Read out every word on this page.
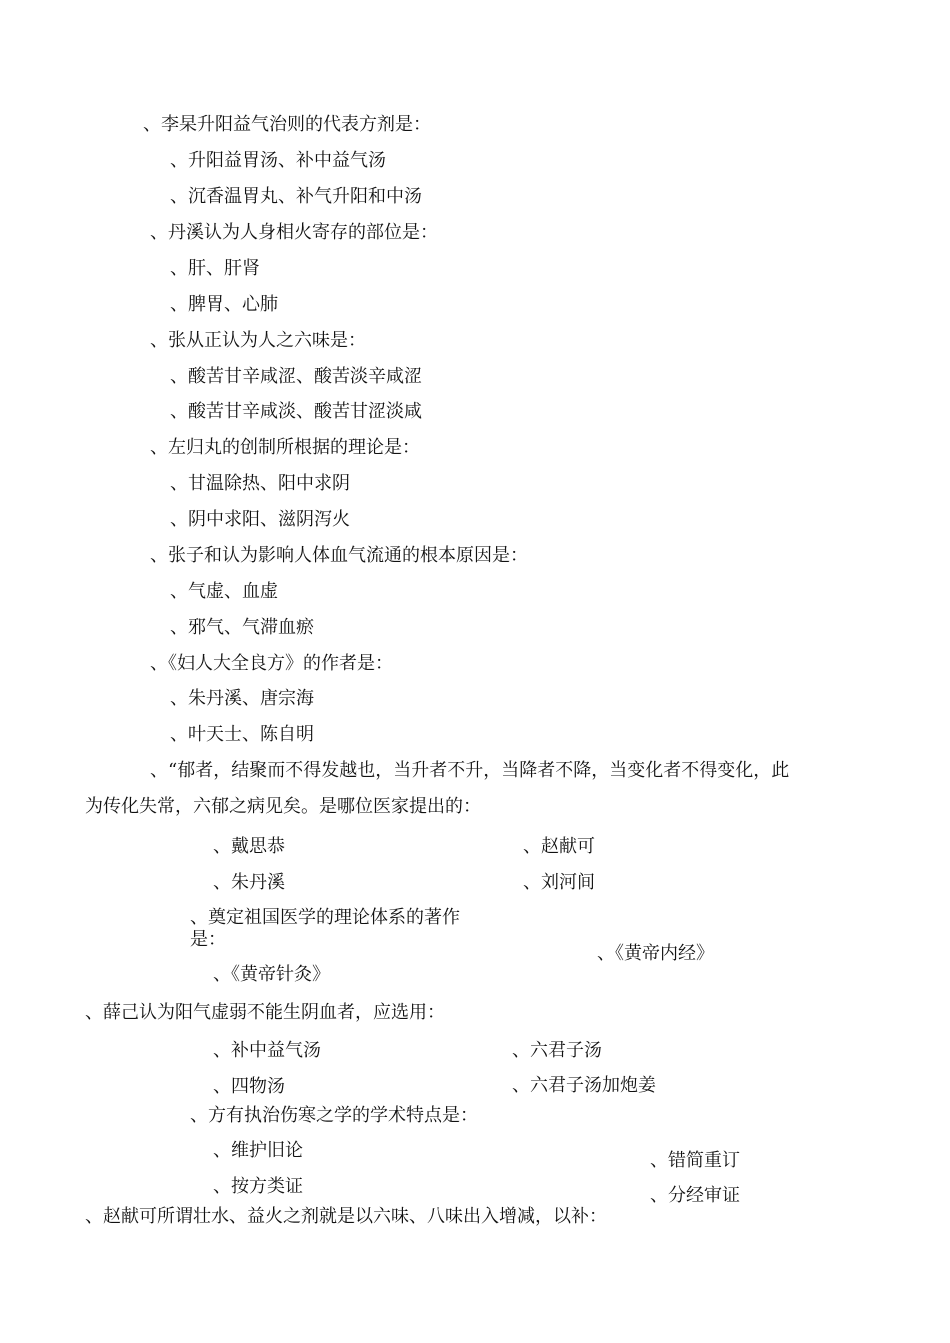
、李杲升阳益气治则的代表方剂是：
、升阳益胃汤、补中益气汤
、沉香温胃丸、补气升阳和中汤
、丹溪认为人身相火寄存的部位是：
、肝、肝肾
、脾胃、心肺
、张从正认为人之六味是：
、酸苦甘辛咸涩、酸苦淡辛咸涩
、酸苦甘辛咸淡、酸苦甘涩淡咸
、左归丸的创制所根据的理论是：
、甘温除热、阳中求阴
、阴中求阳、滋阴泻火
、张子和认为影响人体血气流通的根本原因是：
、气虚、血虚
、邪气、气滞血瘀
、《妇人大全良方》的作者是：
、朱丹溪、唐宗海
、叶天士、陈自明
、“郁者，结聚而不得发越也，当升者不升，当降者不降，当变化者不得变化，此
为传化失常，六郁之病见矣。是哪位医家提出的：
、戴思恭	、赵献可
、朱丹溪	、刘河间
、奠定祖国医学的理论体系的著作是：
、《黄帝内经》
、《黄帝针灸》
、薛己认为阳气虚弱不能生阴血者，应选用：
、补中益气汤	、六君子汤
、四物汤	、六君子汤加炮姜
、方有执治伤寒之学的学术特点是：
、维护旧论	、错简重订
、按方类证	、分经审证
、赵献可所谓壮水、益火之剂就是以六味、八味出入增减，以补：
